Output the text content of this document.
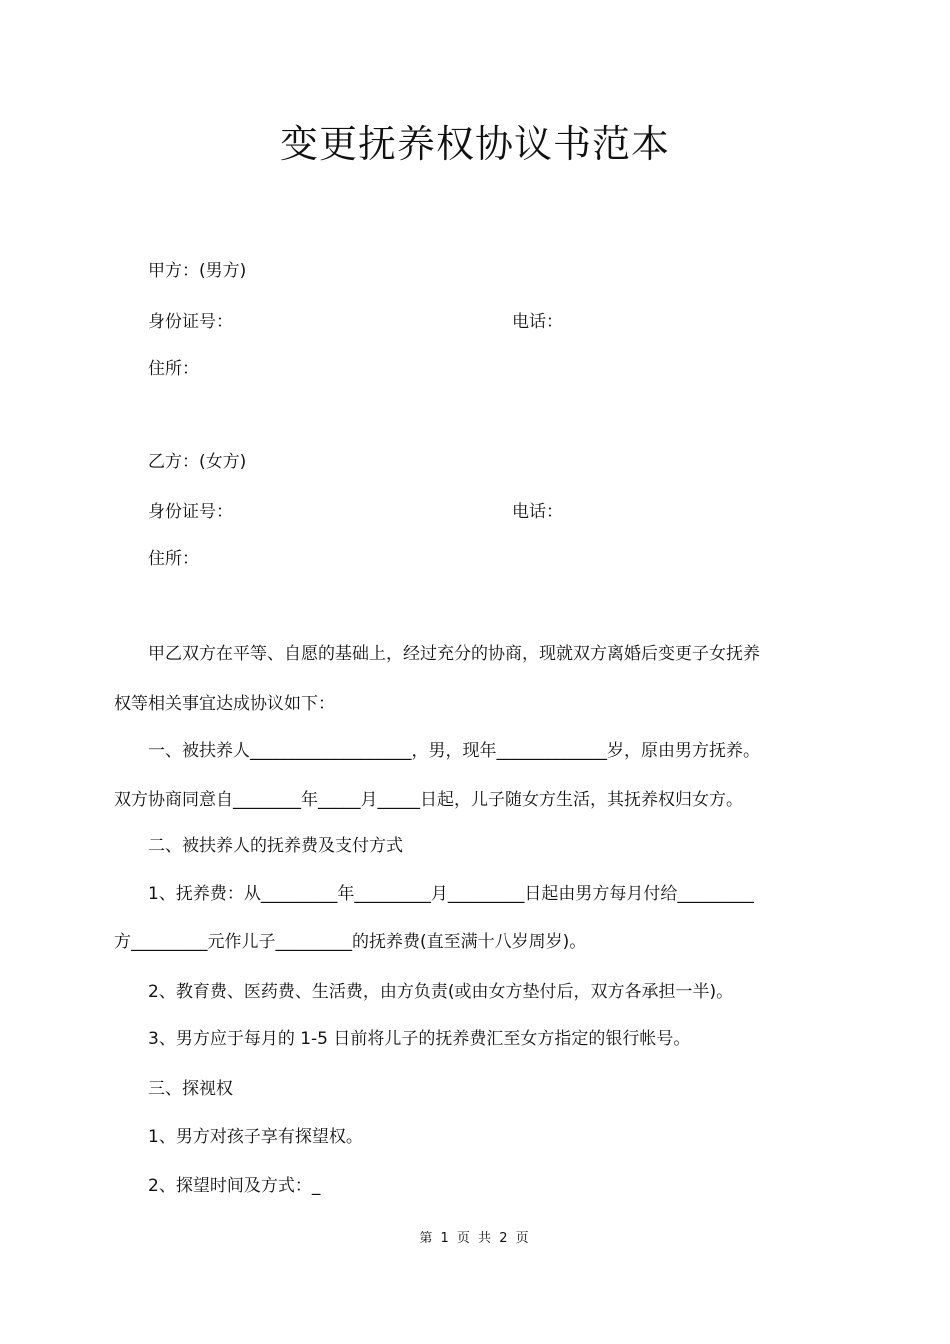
变更抚养权协议书范本
甲方：(男方)
身份证号：	电话：
住所：
乙方：(女方)
身份证号：	电话：
住所：
甲乙双方在平等、自愿的基础上，经过充分的协商，现就双方离婚后变更子女抚养
权等相关事宜达成协议如下：
一、被扶养人___________________，男，现年_____________岁，原由男方抚养。
双方协商同意自________年_____月_____日起，儿子随女方生活，其抚养权归女方。
二、被扶养人的抚养费及支付方式
1、抚养费：从_________年_________月_________日起由男方每月付给_________
方_________元作儿子_________的抚养费(直至满十八岁周岁)。
2、教育费、医药费、生活费，由方负责(或由女方垫付后，双方各承担一半)。
3、男方应于每月的 1-5 日前将儿子的抚养费汇至女方指定的银行帐号。
三、探视权
1、男方对孩子享有探望权。
2、探望时间及方式：_
第 1 页 共 2 页
